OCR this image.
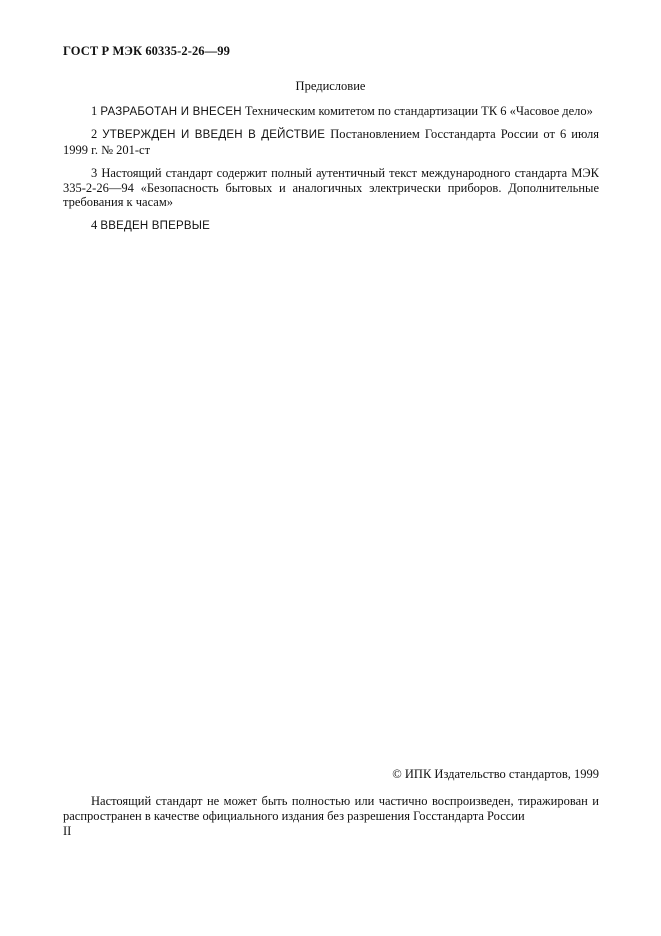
ГОСТ Р МЭК 60335-2-26—99
Предисловие
1 РАЗРАБОТАН И ВНЕСЕН Техническим комитетом по стандартизации ТК 6 «Часовое дело»
2 УТВЕРЖДЕН И ВВЕДЕН В ДЕЙСТВИЕ Постановлением Госстандарта России от 6 июля 1999 г. № 201-ст
3 Настоящий стандарт содержит полный аутентичный текст международного стандарта МЭК 335-2-26—94 «Безопасность бытовых и аналогичных электрически приборов. Дополнительные требования к часам»
4 ВВЕДЕН ВПЕРВЫЕ
© ИПК Издательство стандартов, 1999
Настоящий стандарт не может быть полностью или частично воспроизведен, тиражирован и распространен в качестве официального издания без разрешения Госстандарта России
II
